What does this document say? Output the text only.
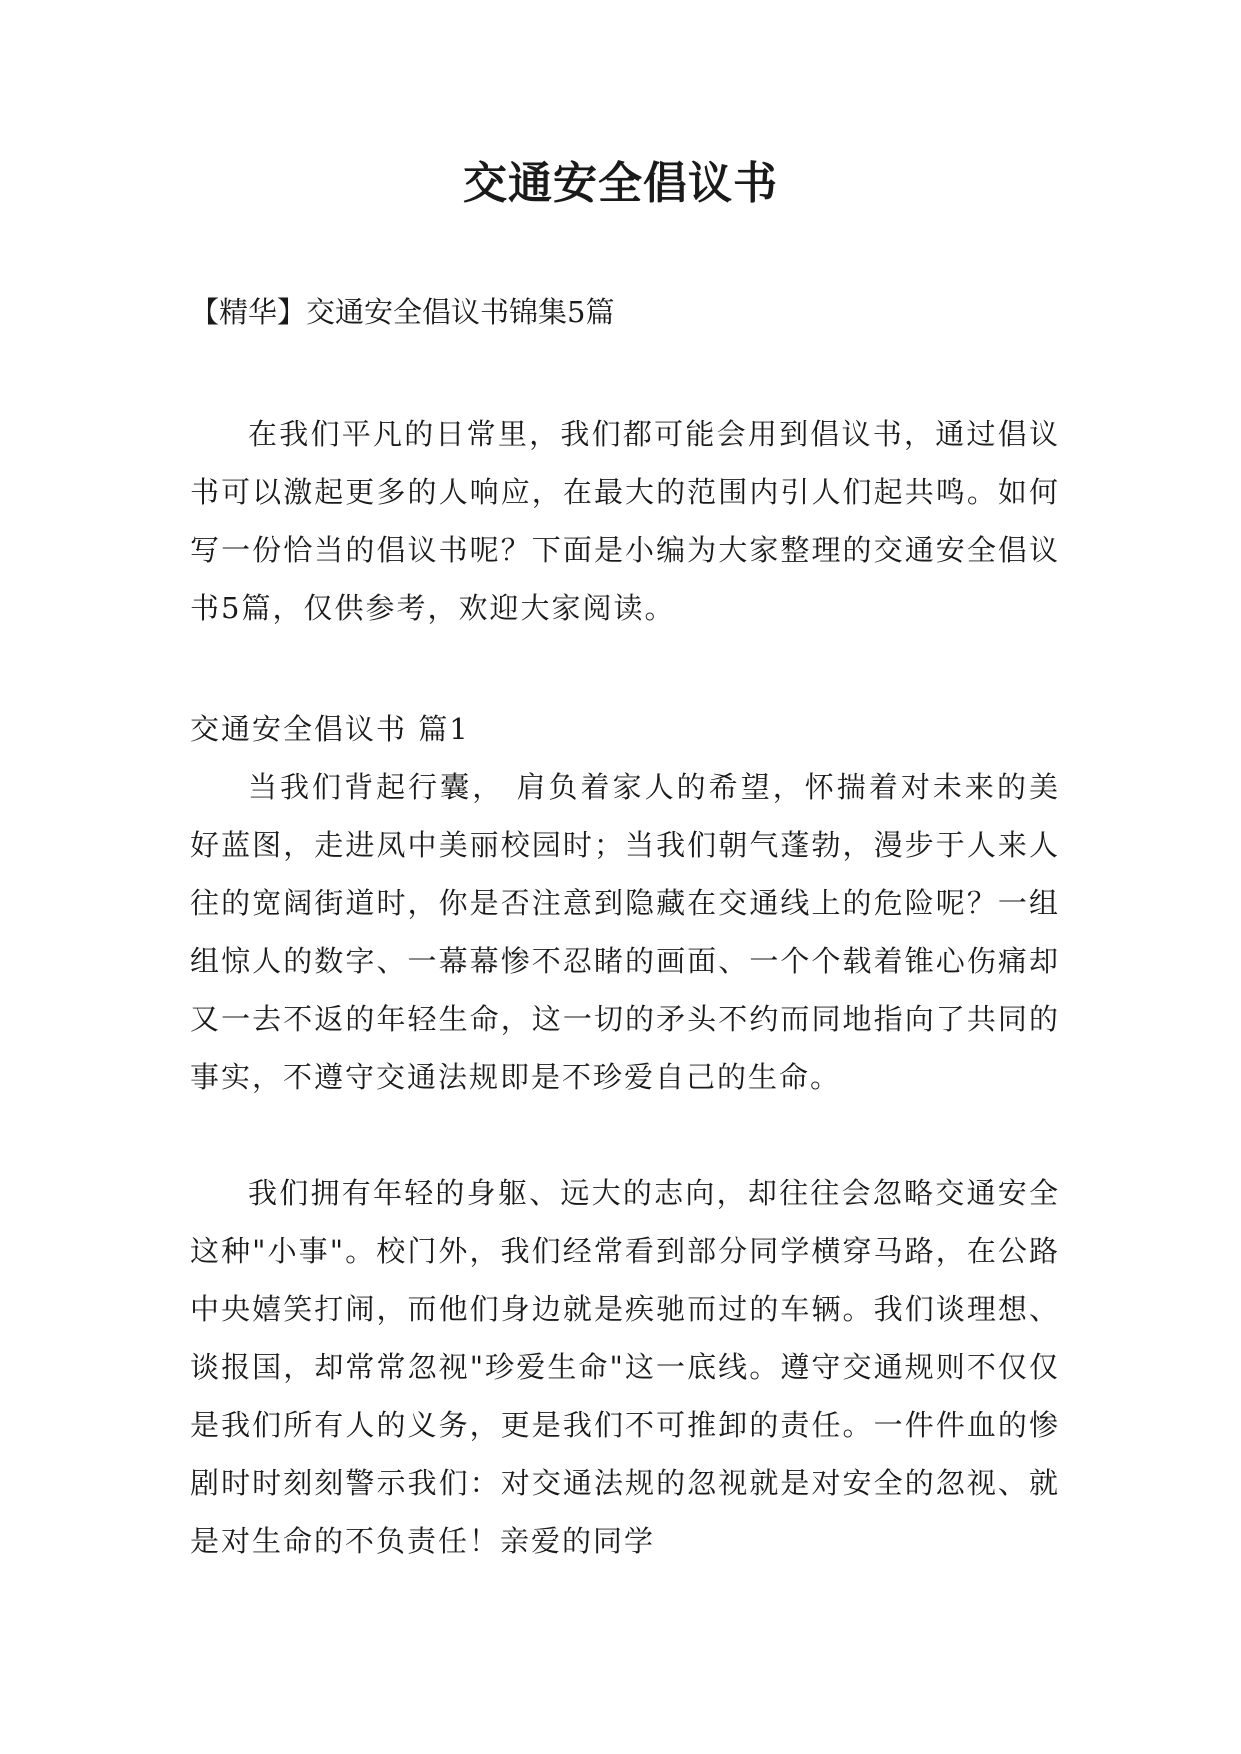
交通安全倡议书
【精华】交通安全倡议书锦集5篇
在我们平凡的日常里，我们都可能会用到倡议书，通过倡议书可以激起更多的人响应，在最大的范围内引人们起共鸣。如何写一份恰当的倡议书呢？下面是小编为大家整理的交通安全倡议书5篇，仅供参考，欢迎大家阅读。
交通安全倡议书 篇1
当我们背起行囊， 肩负着家人的希望，怀揣着对未来的美好蓝图，走进凤中美丽校园时；当我们朝气蓬勃，漫步于人来人往的宽阔街道时，你是否注意到隐藏在交通线上的危险呢？一组组惊人的数字、一幕幕惨不忍睹的画面、一个个载着锥心伤痛却又一去不返的年轻生命，这一切的矛头不约而同地指向了共同的事实，不遵守交通法规即是不珍爱自己的生命。
我们拥有年轻的身躯、远大的志向，却往往会忽略交通安全这种"小事"。校门外，我们经常看到部分同学横穿马路，在公路中央嬉笑打闹，而他们身边就是疾驰而过的车辆。我们谈理想、谈报国，却常常忽视"珍爱生命"这一底线。遵守交通规则不仅仅是我们所有人的义务，更是我们不可推卸的责任。一件件血的惨剧时时刻刻警示我们：对交通法规的忽视就是对安全的忽视、就是对生命的不负责任！亲爱的同学
